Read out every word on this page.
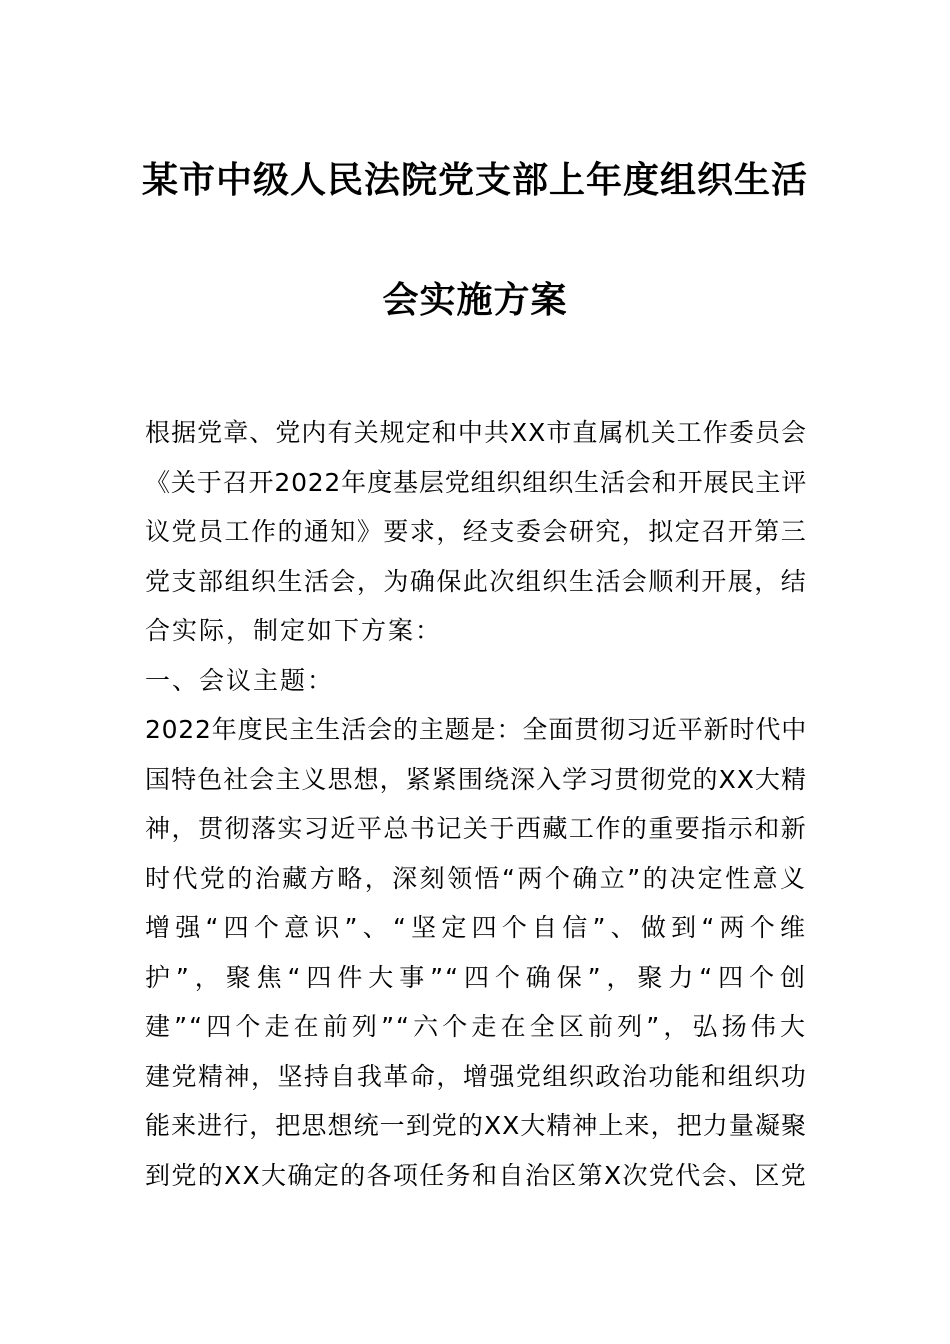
某市中级人民法院党支部上年度组织生活
会实施方案
根据党章、党内有关规定和中共XX市直属机关工作委员会
《关于召开2022年度基层党组织组织生活会和开展民主评
议党员工作的通知》要求，经支委会研究，拟定召开第三
党支部组织生活会，为确保此次组织生活会顺利开展，结
合实际，制定如下方案：
一、会议主题：
2022年度民主生活会的主题是：全面贯彻习近平新时代中
国特色社会主义思想，紧紧围绕深入学习贯彻党的XX大精
神，贯彻落实习近平总书记关于西藏工作的重要指示和新
时代党的治藏方略，深刻领悟“两个确立”的决定性意义
增强“四个意识”、“坚定四个自信”、做到“两个维
护”，聚焦“四件大事”“四个确保”，聚力“四个创
建”“四个走在前列”“六个走在全区前列”，弘扬伟大
建党精神，坚持自我革命，增强党组织政治功能和组织功
能来进行，把思想统一到党的XX大精神上来，把力量凝聚
到党的XX大确定的各项任务和自治区第X次党代会、区党
